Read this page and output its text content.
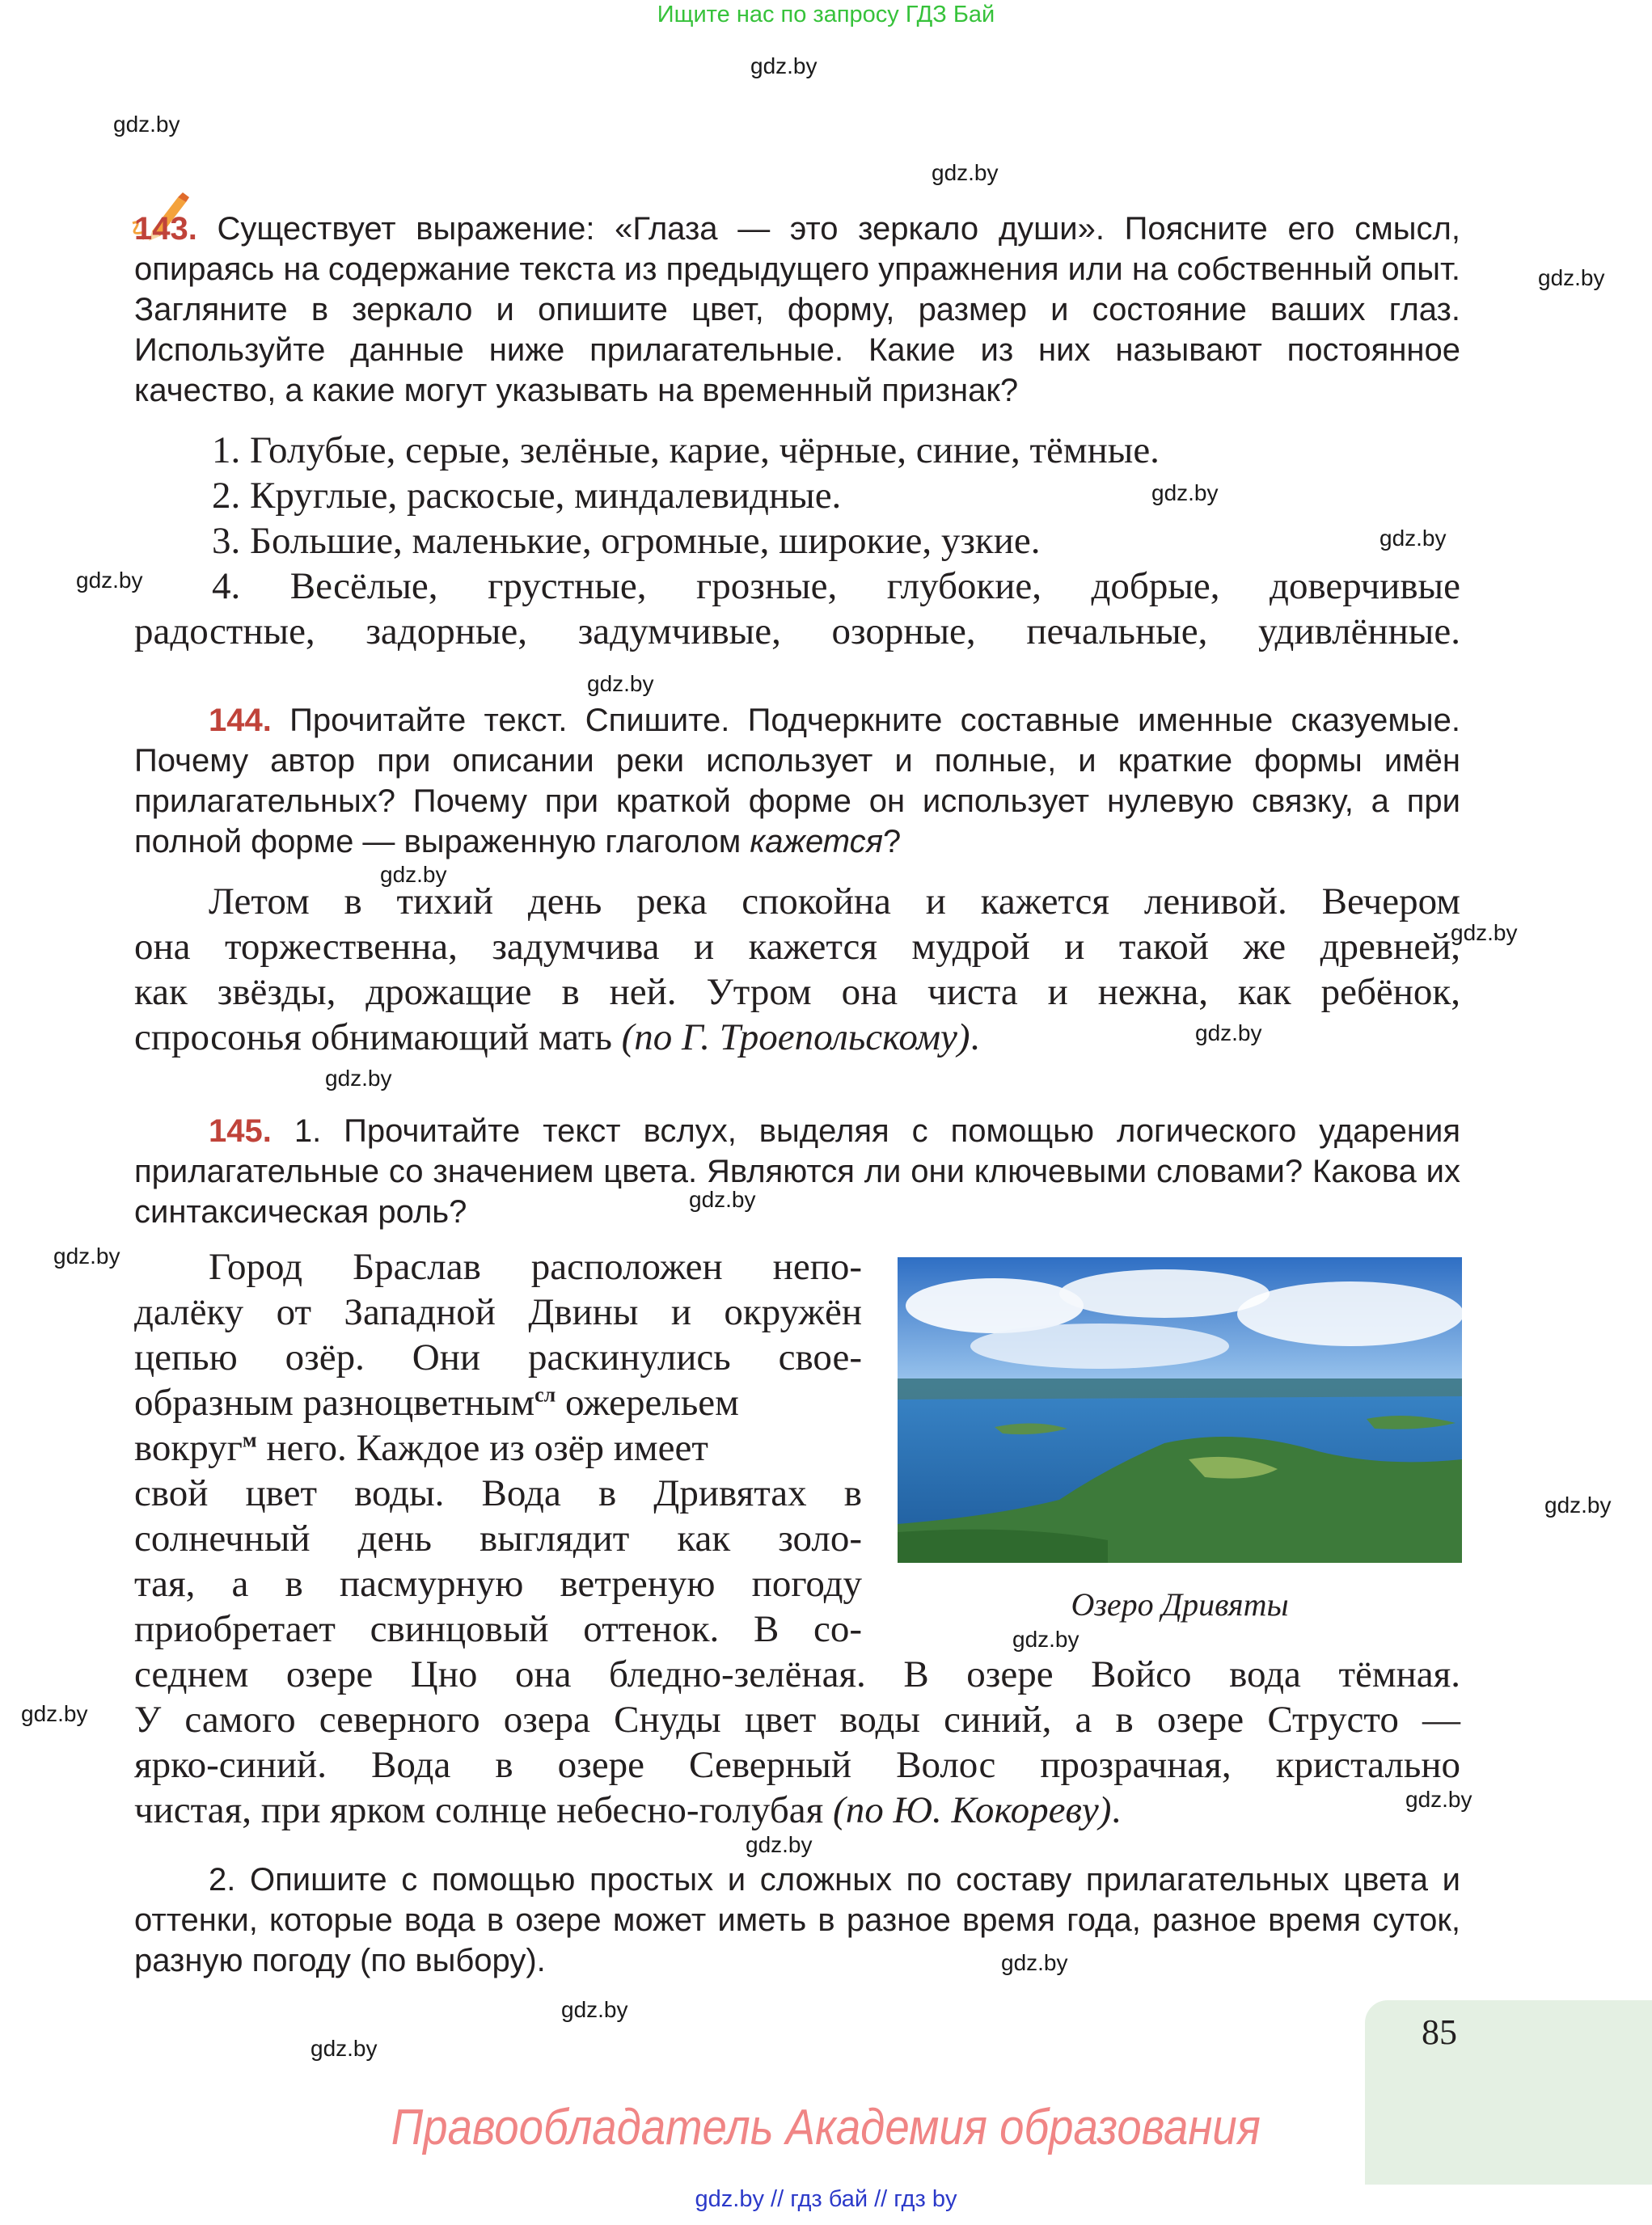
Ищите нас по запросу ГДЗ Бай
gdz.by
gdz.by
gdz.by
gdz.by
gdz.by
gdz.by
gdz.by
gdz.by
gdz.by
gdz.by
gdz.by
gdz.by
gdz.by
gdz.by
gdz.by
gdz.by
gdz.by
gdz.by
gdz.by
gdz.by
gdz.by
gdz.by
143. Существует выражение: «Глаза — это зеркало души». Поясните его смысл, опираясь на содержание текста из предыдущего упражнения или на собственный опыт. Загляните в зеркало и опишите цвет, форму, размер и состояние ваших глаз. Используйте данные ниже прилагательные. Какие из них называют постоянное качество, а какие могут указывать на временный признак?
1. Голубые, серые, зелёные, карие, чёрные, синие, тёмные.
2. Круглые, раскосые, миндалевидные.
3. Большие, маленькие, огромные, широкие, узкие.
4. Весёлые, грустные, грозные, глубокие, добрые, доверчивые
радостные, задорные, задумчивые, озорные, печальные, удивлённые.
144. Прочитайте текст. Спишите. Подчеркните составные именные сказуемые. Почему автор при описании реки использует и полные, и краткие формы имён прилагательных? Почему при краткой форме он использует нулевую связку, а при полной форме — выраженную глаголом кажется?
Летом в тихий день река спокойна и кажется ленивой. Вечером
она торжественна, задумчива и кажется мудрой и такой же древней,
как звёзды, дрожащие в ней. Утром она чиста и нежна, как ребёнок,
спросонья обнимающий мать (по Г. Троепольскому).
145. 1. Прочитайте текст вслух, выделяя с помощью логического ударения прилагательные со значением цвета. Являются ли они ключевыми словами? Какова их синтаксическая роль?
Город Браслав расположен непо-
далёку от Западной Двины и окружён
цепью озёр. Они раскинулись свое-
образным разноцветным$^{сл}$ ожерельем
вокруг$^м$ него. Каждое из озёр имеет
свой цвет воды. Вода в Дривятах в
солнечный день выглядит как золо-
тая, а в пасмурную ветреную погоду
приобретает свинцовый оттенок. В со-
седнем озере Цно она бледно-зелёная. В озере Войсо вода тёмная.
У самого северного озера Снуды цвет воды синий, а в озере Струсто —
ярко-синий. Вода в озере Северный Волос прозрачная, кристально
чистая, при ярком солнце небесно-голубая (по Ю. Кокореву).
Озеро Дривяты
2. Опишите с помощью простых и сложных по составу прилагательных цвета и оттенки, которые вода в озере может иметь в разное время года, разное время суток, разную погоду (по выбору).
85
Правообладатель Академия образования
gdz.by // гдз бай // гдз by
